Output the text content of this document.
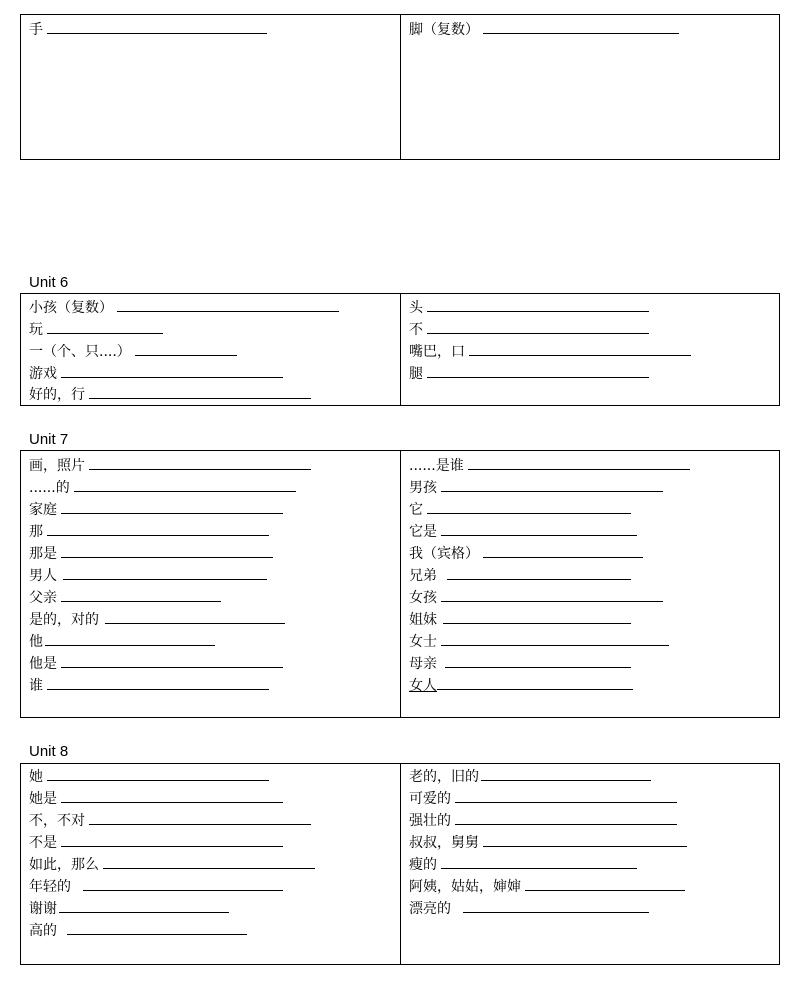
手	脚（复数）
Unit 6
小孩（复数）
玩
一（个、只....）
游戏
好的，行
头
不
嘴巴，口
腿
Unit 7
画，照片
......的
家庭
那
那是
男人
父亲
是的，对的
他
他是
谁
......是谁
男孩
它
它是
我（宾格）
兄弟
女孩
姐妹
女士
母亲
女人
Unit 8
她
她是
不，不对
不是
如此，那么
年轻的
谢谢
高的
老的，旧的
可爱的
强壮的
叔叔，舅舅
瘦的
阿姨，姑姑，婶婶
漂亮的
